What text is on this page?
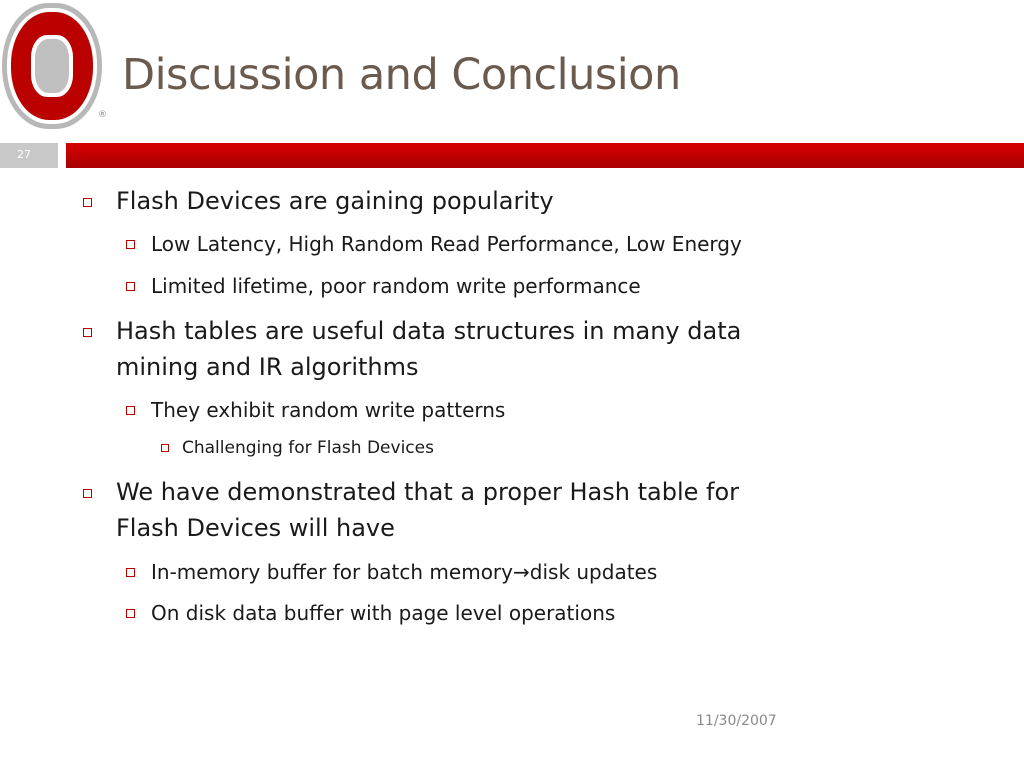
®
Discussion and Conclusion
27
Flash Devices are gaining popularity
Low Latency, High Random Read Performance, Low Energy
Limited lifetime, poor random write performance
Hash tables are useful data structures in many data
mining and IR algorithms
They exhibit random write patterns
Challenging for Flash Devices
We have demonstrated that a proper Hash table for
Flash Devices will have
In-memory buffer for batch memory→disk updates
On disk data buffer with page level operations
11/30/2007
